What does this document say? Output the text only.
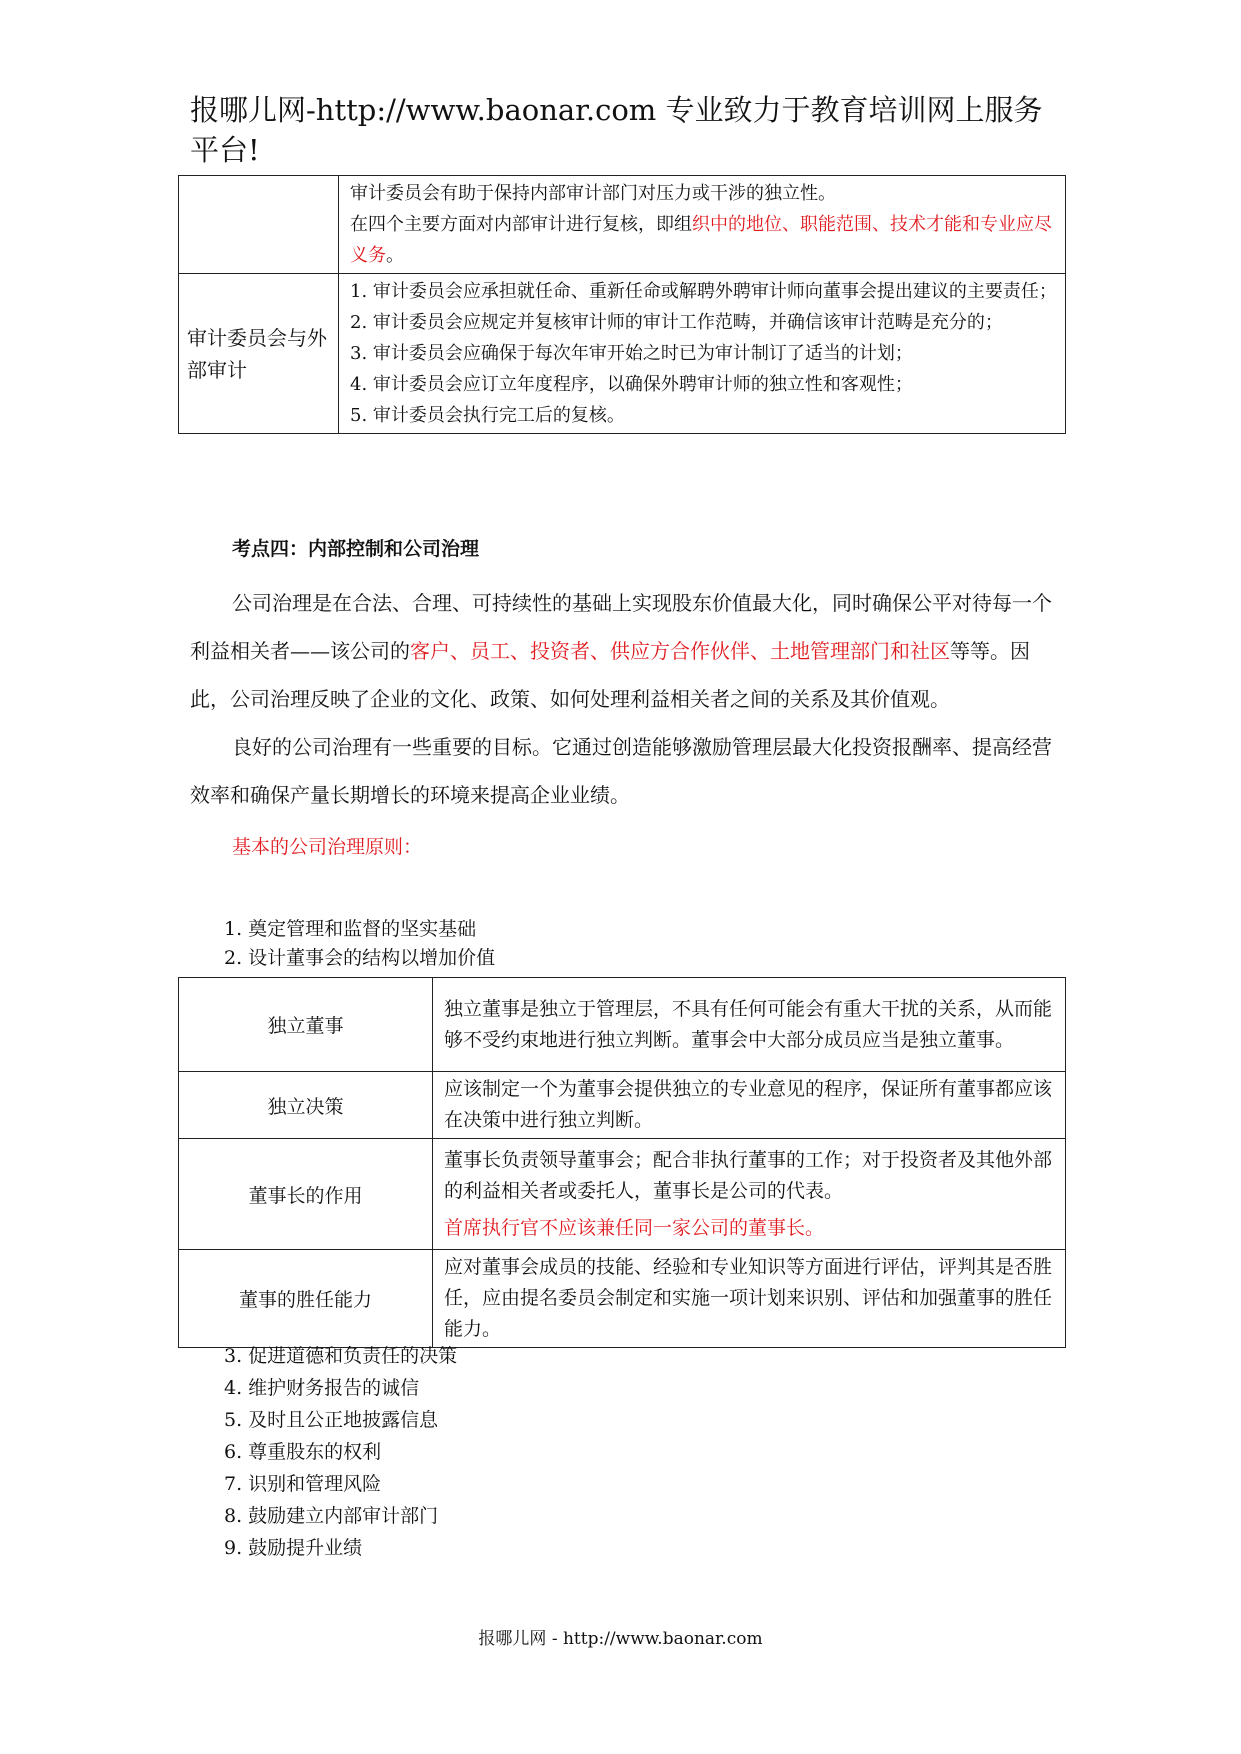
报哪儿网-http://www.baonar.com 专业致力于教育培训网上服务
平台!

	审计委员会有助于保持内部审计部门对压力或干涉的独立性。
在四个主要方面对内部审计进行复核，即组织中的地位、职能范围、技术才能和专业应尽义务。

审计委员会与外部审计	1. 审计委员会应承担就任命、重新任命或解聘外聘审计师向董事会提出建议的主要责任；
2. 审计委员会应规定并复核审计师的审计工作范畴，并确信该审计范畴是充分的；
3. 审计委员会应确保于每次年审开始之时已为审计制订了适当的计划；
4. 审计委员会应订立年度程序，以确保外聘审计师的独立性和客观性；
5. 审计委员会执行完工后的复核。
考点四：内部控制和公司治理

公司治理是在合法、合理、可持续性的基础上实现股东价值最大化，同时确保公平对待每一个利益相关者——该公司的客户、员工、投资者、供应方合作伙伴、土地管理部门和社区等等。因此，公司治理反映了企业的文化、政策、如何处理利益相关者之间的关系及其价值观。

良好的公司治理有一些重要的目标。它通过创造能够激励管理层最大化投资报酬率、提高经营效率和确保产量长期增长的环境来提高企业业绩。

基本的公司治理原则：
1. 奠定管理和监督的坚实基础
2. 设计董事会的结构以增加价值
独立董事	独立董事是独立于管理层，不具有任何可能会有重大干扰的关系，从而能够不受约束地进行独立判断。董事会中大部分成员应当是独立董事。
独立决策	应该制定一个为董事会提供独立的专业意见的程序，保证所有董事都应该在决策中进行独立判断。
董事长的作用	董事长负责领导董事会；配合非执行董事的工作；对于投资者及其他外部的利益相关者或委托人，董事长是公司的代表。
首席执行官不应该兼任同一家公司的董事长。

董事的胜任能力	应对董事会成员的技能、经验和专业知识等方面进行评估，评判其是否胜任，应由提名委员会制定和实施一项计划来识别、评估和加强董事的胜任能力。
3. 促进道德和负责任的决策
4. 维护财务报告的诚信
5. 及时且公正地披露信息
6. 尊重股东的权利
7. 识别和管理风险
8. 鼓励建立内部审计部门
9. 鼓励提升业绩
报哪儿网 - http://www.baonar.com
